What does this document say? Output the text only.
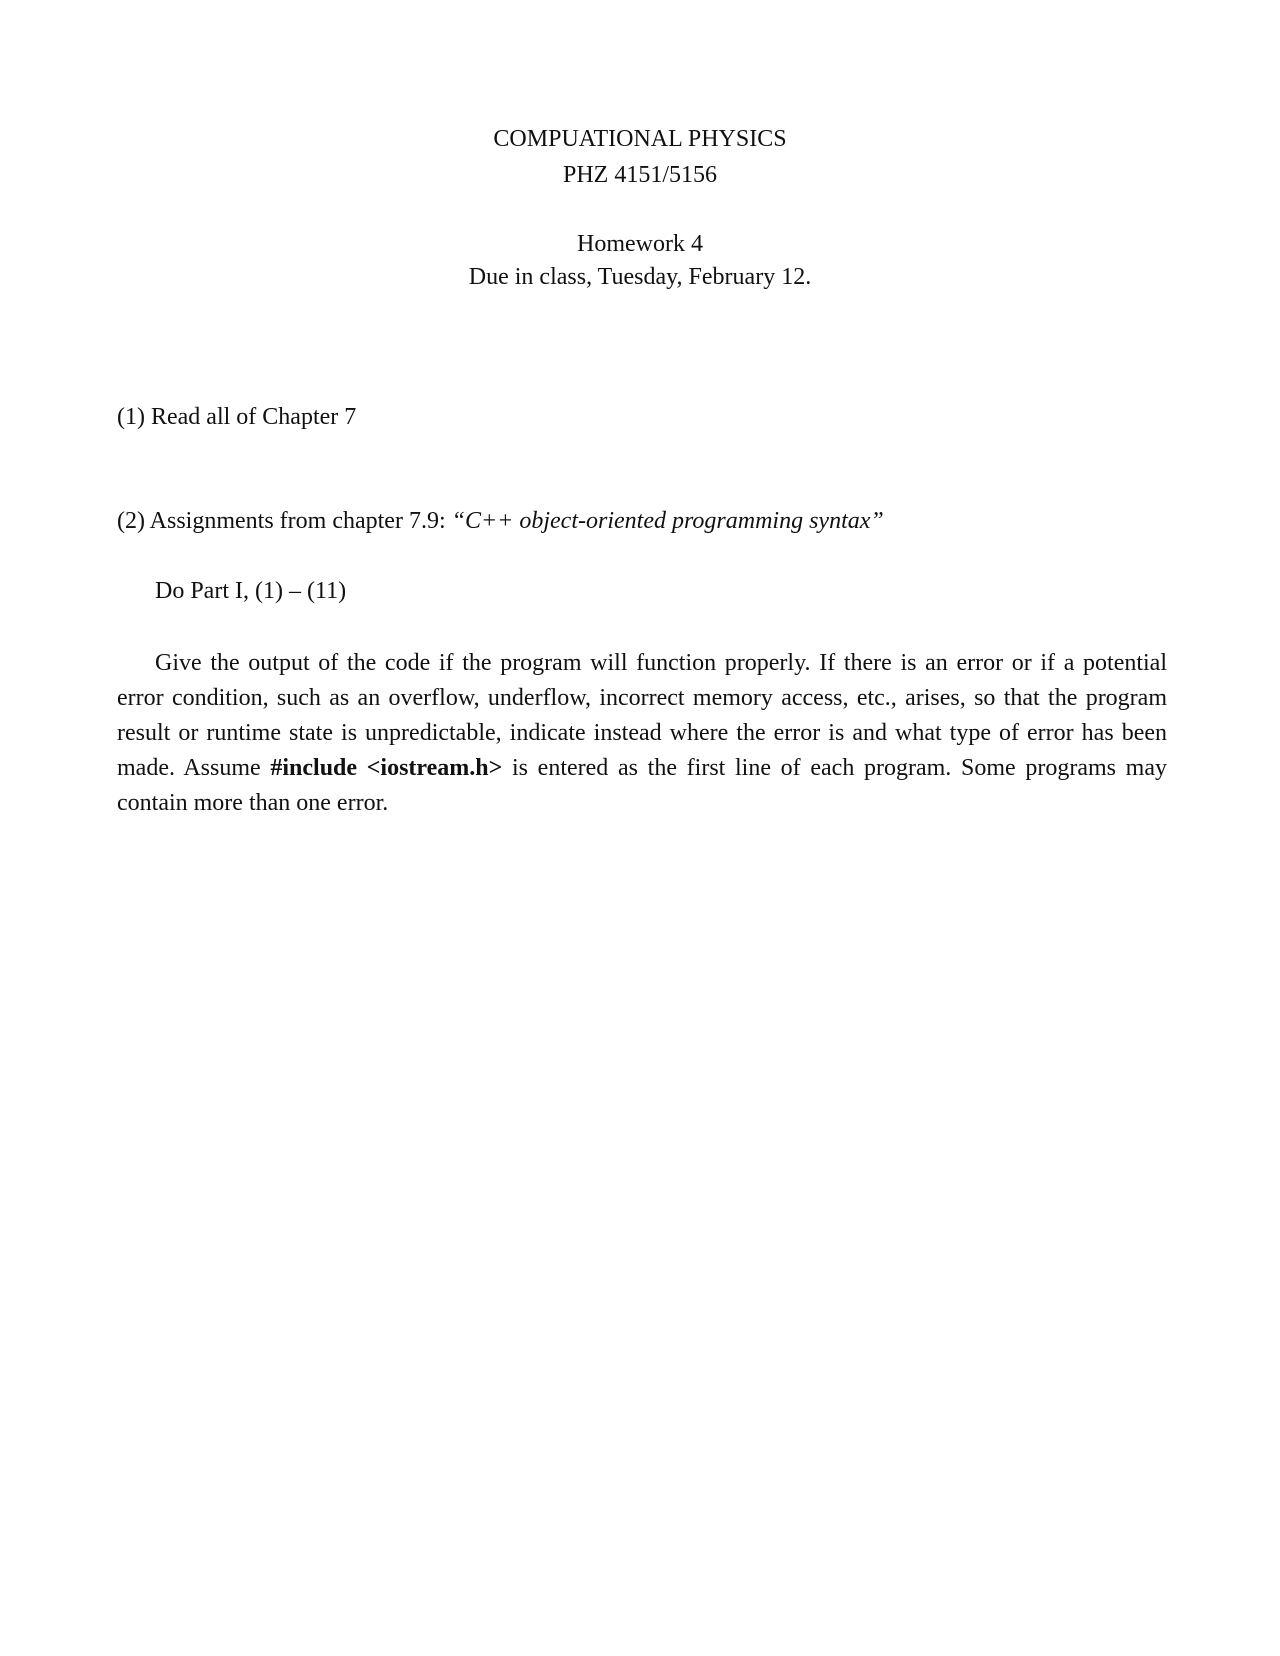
COMPUATIONAL PHYSICS
PHZ 4151/5156
Homework 4
Due in class, Tuesday, February 12.
(1) Read all of Chapter 7
(2) Assignments from chapter 7.9: “C++ object-oriented programming syntax”
Do Part I, (1) – (11)
Give the output of the code if the program will function properly. If there is an error or if a potential
error condition, such as an overflow, underflow, incorrect memory access, etc., arises, so that the program
result or runtime state is unpredictable, indicate instead where the error is and what type of error has been
made. Assume #include <iostream.h> is entered as the first line of each program. Some programs may
contain more than one error.
